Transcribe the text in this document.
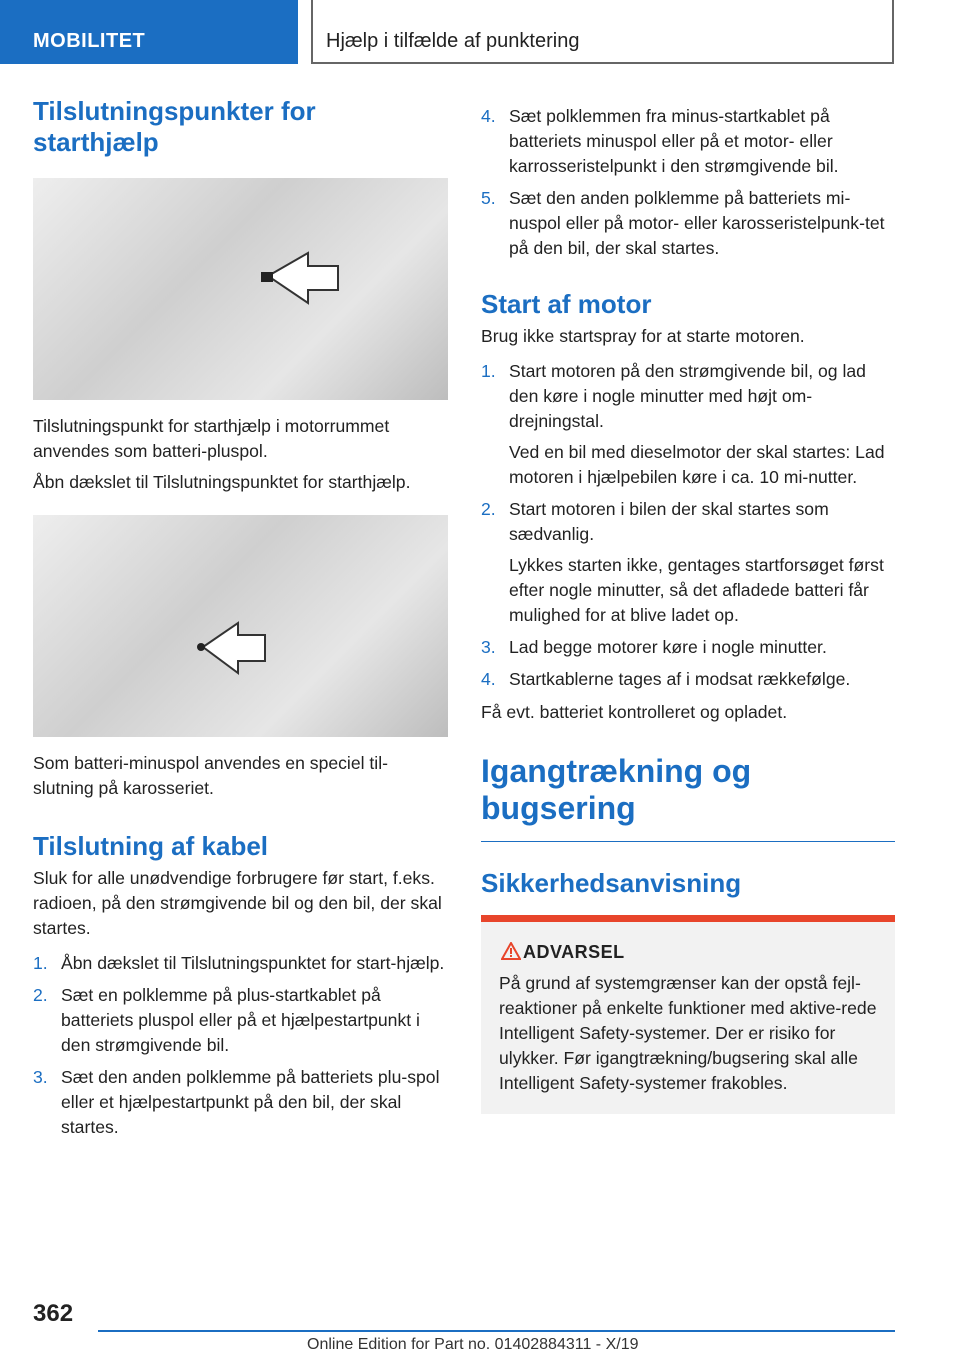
MOBILITET	Hjælp i tilfælde af punktering
Tilslutningspunkter for starthjælp

Tilslutningspunkt for starthjælp i motorrummet anvendes som batteri-pluspol.

Åbn dækslet til Tilslutningspunktet for starthjælp.

Som batteri-minuspol anvendes en speciel til-slutning på karosseriet.

Tilslutning af kabel

Sluk for alle unødvendige forbrugere før start, f.eks. radioen, på den strømgivende bil og den bil, der skal startes.

1. Åbn dækslet til Tilslutningspunktet for start-hjælp.
2. Sæt en polklemme på plus-startkablet på batteriets pluspol eller på et hjælpestartpunkt i den strømgivende bil.
3. Sæt den anden polklemme på batteriets plu-spol eller et hjælpestartpunkt på den bil, der skal startes.
4. Sæt polklemmen fra minus-startkablet på batteriets minuspol eller på et motor- eller karrosseristelpunkt i den strømgivende bil.
5. Sæt den anden polklemme på batteriets mi-nuspol eller på motor- eller karosseristelpunk-tet på den bil, der skal startes.
Start af motor

Brug ikke startspray for at starte motoren.

1. Start motoren på den strømgivende bil, og lad den køre i nogle minutter med højt om-drejningstal.
Ved en bil med dieselmotor der skal startes: Lad motoren i hjælpebilen køre i ca. 10 mi-nutter.
2. Start motoren i bilen der skal startes som sædvanlig.
Lykkes starten ikke, gentages startforsøget først efter nogle minutter, så det afladede batteri får mulighed for at blive ladet op.
3. Lad begge motorer køre i nogle minutter.
4. Startkablerne tages af i modsat rækkefølge.

Få evt. batteriet kontrolleret og opladet.

Igangtrækning og bugsering
Sikkerhedsanvisning
ADVARSEL

På grund af systemgrænser kan der opstå fejl-reaktioner på enkelte funktioner med aktive-rede Intelligent Safety-systemer. Der er risiko for ulykker. Før igangtrækning/bugsering skal alle Intelligent Safety-systemer frakobles.

362
Online Edition for Part no. 01402884311 - X/19
